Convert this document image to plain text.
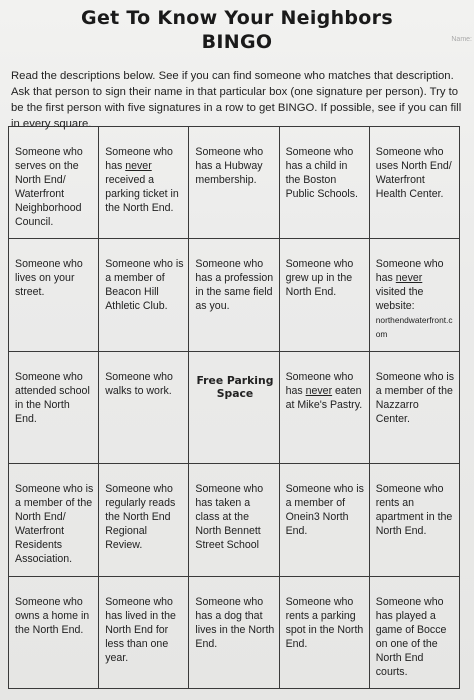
Get To Know Your Neighbors
BINGO
Read the descriptions below. See if you can find someone who matches that description. Ask that person to sign their name in that particular box (one signature per person). Try to be the first person with five signatures in a row to get BINGO. If possible, see if you can fill in every square.
Someone who serves on the North End/ Waterfront Neighborhood Council.	Someone who has never received a parking ticket in the North End.	Someone who has a Hubway membership.	Someone who has a child in the Boston Public Schools.	Someone who uses North End/ Waterfront Health Center.
Someone who lives on your street.	Someone who is a member of Beacon Hill Athletic Club.	Someone who has a profession in the same field as you.	Someone who grew up in the North End.	Someone who has never visited the website:
northendwaterfront.com
Someone who attended school in the North End.	Someone who walks to work.	Free Parking Space	Someone who has never eaten at Mike's Pastry.	Someone who is a member of the Nazzarro Center.
Someone who is a member of the North End/ Waterfront Residents Association.	Someone who regularly reads the North End Regional Review.	Someone who has taken a class at the North Bennett Street School	Someone who is a member of Onein3 North End.	Someone who rents an apartment in the North End.
Someone who owns a home in the North End.	Someone who has lived in the North End for less than one year.	Someone who has a dog that lives in the North End.	Someone who rents a parking spot in the North End.	Someone who has played a game of Bocce on one of the North End courts.
Name:
